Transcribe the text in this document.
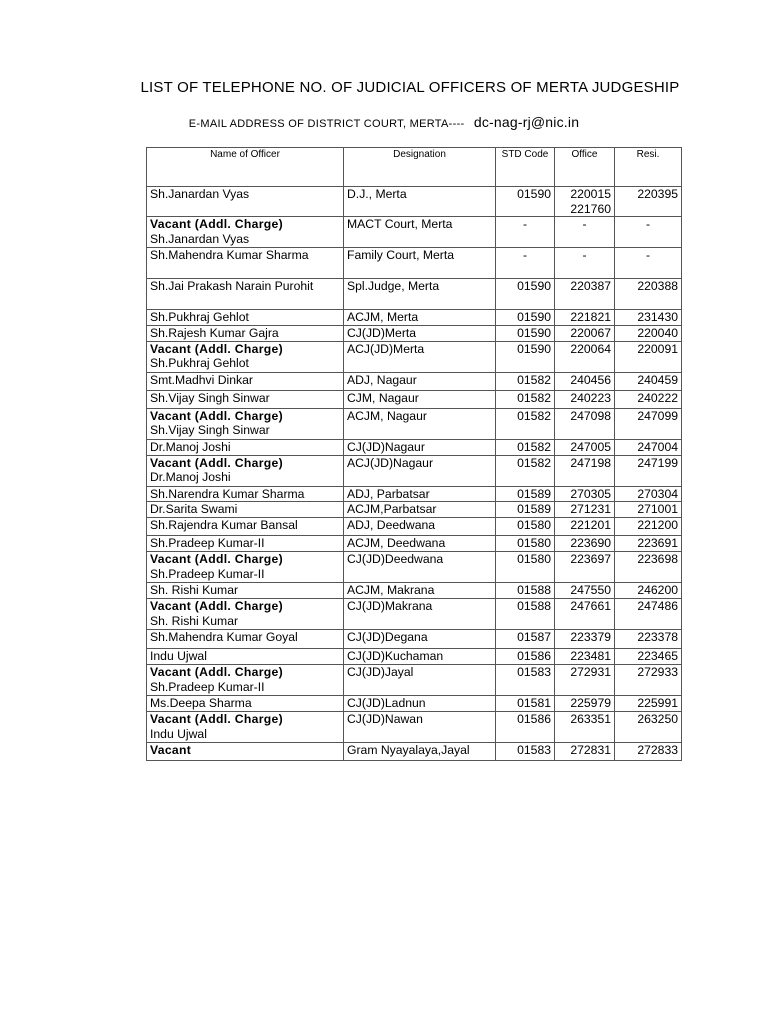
LIST OF TELEPHONE NO. OF JUDICIAL OFFICERS OF MERTA JUDGESHIP
E-MAIL ADDRESS OF DISTRICT COURT, MERTA---- dc-nag-rj@nic.in
Name of Officer	Designation	STD Code	Office	Resi.

Sh.Janardan Vyas	D.J., Merta	01590	220015 221760	220395

Vacant (Addl. Charge)
Sh.Janardan Vyas	MACT Court, Merta	-	-	-

Sh.Mahendra Kumar Sharma	Family Court, Merta	-	-	-

Sh.Jai Prakash Narain Purohit	Spl.Judge, Merta	01590	220387	220388

Sh.Pukhraj Gehlot	ACJM, Merta	01590	221821	231430

Sh.Rajesh Kumar Gajra	CJ(JD)Merta	01590	220067	220040

Vacant (Addl. Charge)
Sh.Pukhraj Gehlot	ACJ(JD)Merta	01590	220064	220091

Smt.Madhvi Dinkar	ADJ, Nagaur	01582	240456	240459

Sh.Vijay Singh Sinwar	CJM, Nagaur	01582	240223	240222

Vacant (Addl. Charge)
Sh.Vijay Singh Sinwar	ACJM, Nagaur	01582	247098	247099

Dr.Manoj Joshi	CJ(JD)Nagaur	01582	247005	247004

Vacant (Addl. Charge)
Dr.Manoj Joshi	ACJ(JD)Nagaur	01582	247198	247199

Sh.Narendra Kumar Sharma	ADJ, Parbatsar	01589	270305	270304

Dr.Sarita Swami	ACJM,Parbatsar	01589	271231	271001

Sh.Rajendra Kumar Bansal	ADJ, Deedwana	01580	221201	221200

Sh.Pradeep Kumar-II	ACJM, Deedwana	01580	223690	223691

Vacant (Addl. Charge)
Sh.Pradeep Kumar-II	CJ(JD)Deedwana	01580	223697	223698

Sh. Rishi Kumar	ACJM, Makrana	01588	247550	246200

Vacant (Addl. Charge)
Sh. Rishi Kumar	CJ(JD)Makrana	01588	247661	247486

Sh.Mahendra Kumar Goyal	CJ(JD)Degana	01587	223379	223378

Indu Ujwal	CJ(JD)Kuchaman	01586	223481	223465

Vacant (Addl. Charge)
Sh.Pradeep Kumar-II	CJ(JD)Jayal	01583	272931	272933

Ms.Deepa Sharma	CJ(JD)Ladnun	01581	225979	225991

Vacant (Addl. Charge)
Indu Ujwal	CJ(JD)Nawan	01586	263351	263250

Vacant	Gram Nyayalaya,Jayal	01583	272831	272833
